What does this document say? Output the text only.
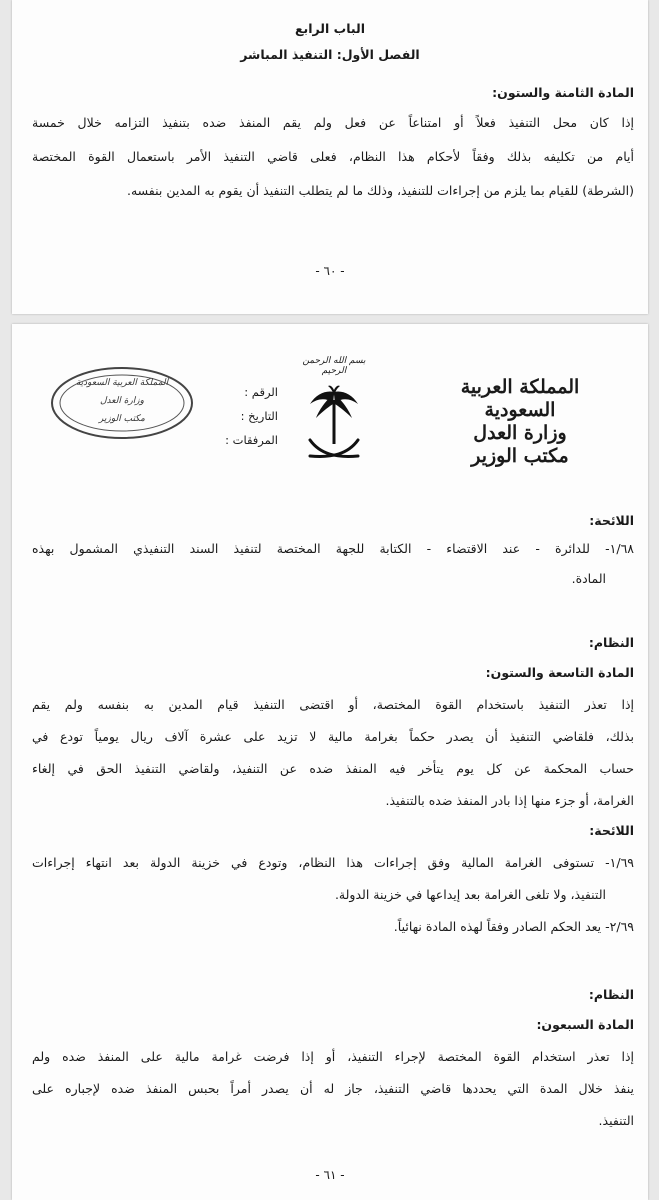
الباب الرابع
الفصل الأول: التنفيذ المباشر
المادة الثامنة والستون:
إذا كان محل التنفيذ فعلاً أو امتناعاً عن فعل ولم يقم المنفذ ضده بتنفيذ التزامه خلال خمسة
أيام من تكليفه بذلك وفقاً لأحكام هذا النظام، فعلى قاضي التنفيذ الأمر باستعمال القوة المختصة
(الشرطة) للقيام بما يلزم من إجراءات للتنفيذ، وذلك ما لم يتطلب التنفيذ أن يقوم به المدين بنفسه.
- ٦٠ -
المملكة العربية السعودية
وزارة العدل
مكتب الوزير
بسم الله الرحمن الرحيم
الرقم :
التاريخ :
المرفقات :
المملكة العربية السعودية
وزارة العدل
مكتب الوزير
اللائحة:
١/٦٨- للدائرة - عند الاقتضاء - الكتابة للجهة المختصة لتنفيذ السند التنفيذي المشمول بهذه
المادة.
النظام:
المادة التاسعة والستون:
إذا تعذر التنفيذ باستخدام القوة المختصة، أو اقتضى التنفيذ قيام المدين به بنفسه ولم يقم
بذلك، فلقاضي التنفيذ أن يصدر حكماً بغرامة مالية لا تزيد على عشرة آلاف ريال يومياً تودع في
حساب المحكمة عن كل يوم يتأخر فيه المنفذ ضده عن التنفيذ، ولقاضي التنفيذ الحق في إلغاء
الغرامة، أو جزء منها إذا بادر المنفذ ضده بالتنفيذ.
اللائحة:
١/٦٩- تستوفى الغرامة المالية وفق إجراءات هذا النظام، وتودع في خزينة الدولة بعد انتهاء إجراءات
التنفيذ، ولا تلغى الغرامة بعد إيداعها في خزينة الدولة.
٢/٦٩- يعد الحكم الصادر وفقاً لهذه المادة نهائياً.
النظام:
المادة السبعون:
إذا تعذر استخدام القوة المختصة لإجراء التنفيذ، أو إذا فرضت غرامة مالية على المنفذ ضده ولم
ينفذ خلال المدة التي يحددها قاضي التنفيذ، جاز له أن يصدر أمراً بحبس المنفذ ضده لإجباره على
التنفيذ.
- ٦١ -
